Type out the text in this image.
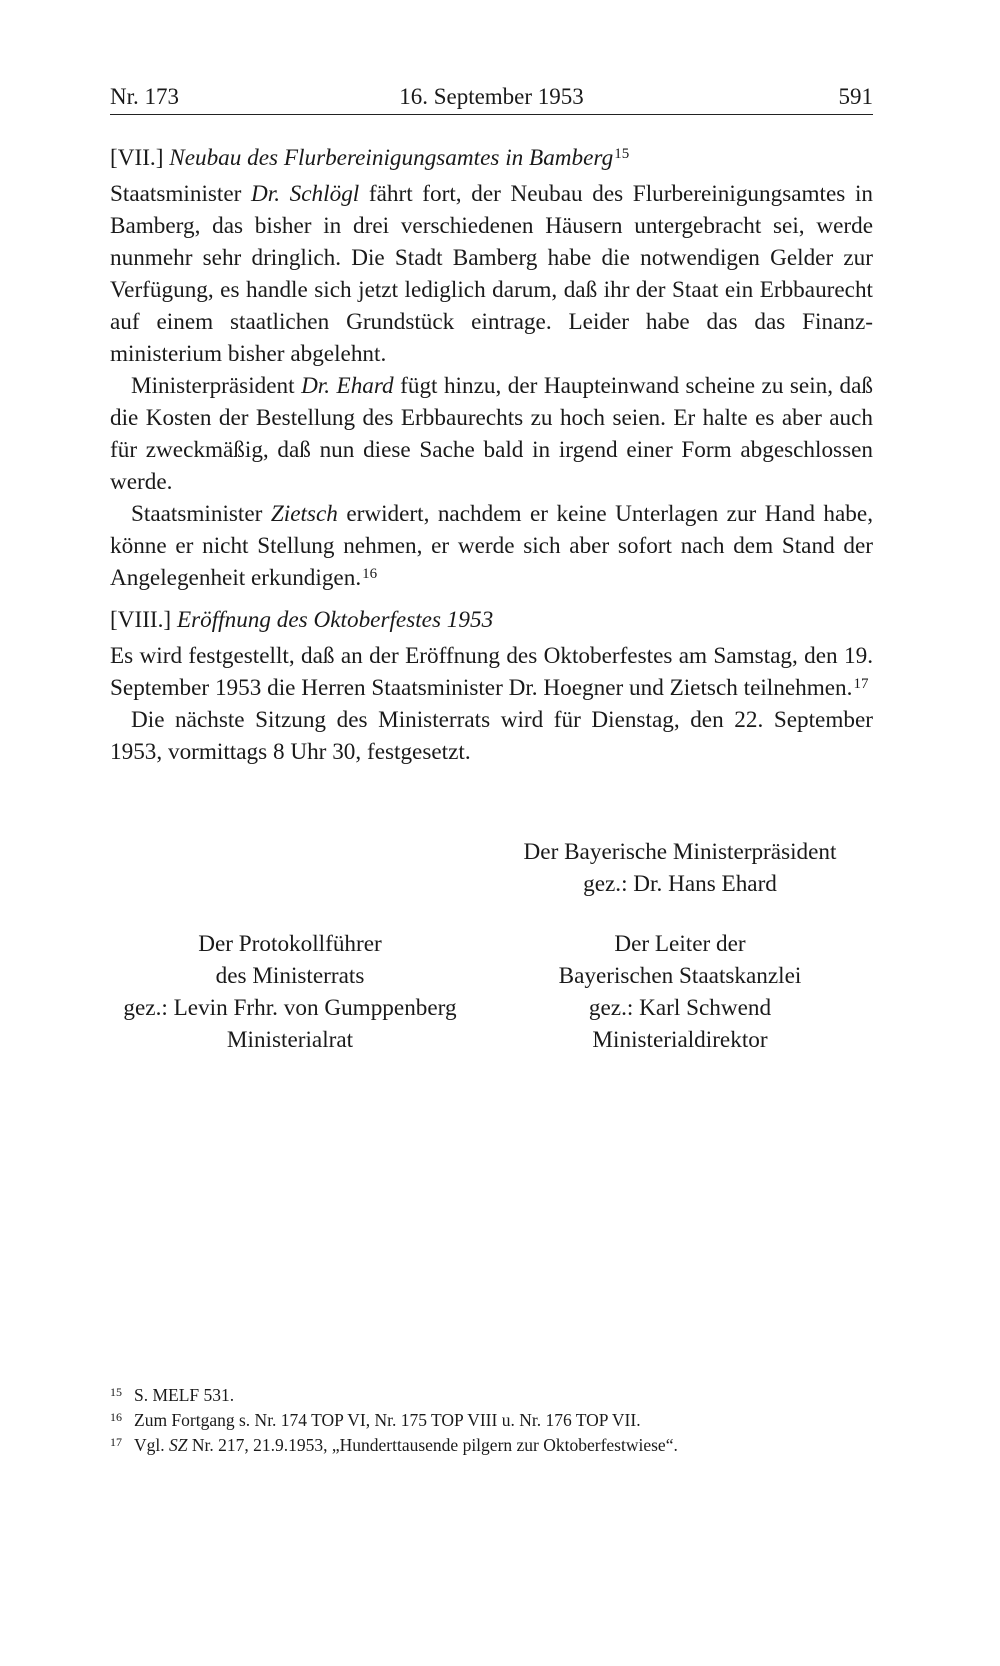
Nr. 173	16. September 1953	591
[VII.] Neubau des Flurbereinigungsamtes in Bamberg$^{15}$

Staatsminister Dr. Schlögl fährt fort, der Neubau des Flurbereinigungsamtes in Bamberg, das bisher in drei verschiedenen Häusern untergebracht sei, werde nunmehr sehr dringlich. Die Stadt Bamberg habe die notwendigen Gelder zur Verfügung, es handle sich jetzt lediglich darum, daß ihr der Staat ein Erbbaurecht auf einem staatlichen Grundstück eintrage. Leider habe das das Finanzministerium bisher abgelehnt.

Ministerpräsident Dr. Ehard fügt hinzu, der Haupteinwand scheine zu sein, daß die Kosten der Bestellung des Erbbaurechts zu hoch seien. Er halte es aber auch für zweckmäßig, daß nun diese Sache bald in irgend einer Form abgeschlossen werde.

Staatsminister Zietsch erwidert, nachdem er keine Unterlagen zur Hand habe, könne er nicht Stellung nehmen, er werde sich aber sofort nach dem Stand der Angelegenheit erkundigen.$^{16}$

[VIII.] Eröffnung des Oktoberfestes 1953

Es wird festgestellt, daß an der Eröffnung des Oktoberfestes am Samstag, den 19. September 1953 die Herren Staatsminister Dr. Hoegner und Zietsch teilnehmen.$^{17}$

Die nächste Sitzung des Ministerrats wird für Dienstag, den 22. September 1953, vormittags 8 Uhr 30, festgesetzt.

Der Bayerische Ministerpräsident
gez.: Dr. Hans Ehard
Der Protokollführer
des Ministerrats
gez.: Levin Frhr. von Gumppenberg
Ministerialrat
Der Leiter der
Bayerischen Staatskanzlei
gez.: Karl Schwend
Ministerialdirektor
15 S. MELF 531.
16 Zum Fortgang s. Nr. 174 TOP VI, Nr. 175 TOP VIII u. Nr. 176 TOP VII.
17 Vgl. SZ Nr. 217, 21.9.1953, „Hunderttausende pilgern zur Oktoberfestwiese“.
